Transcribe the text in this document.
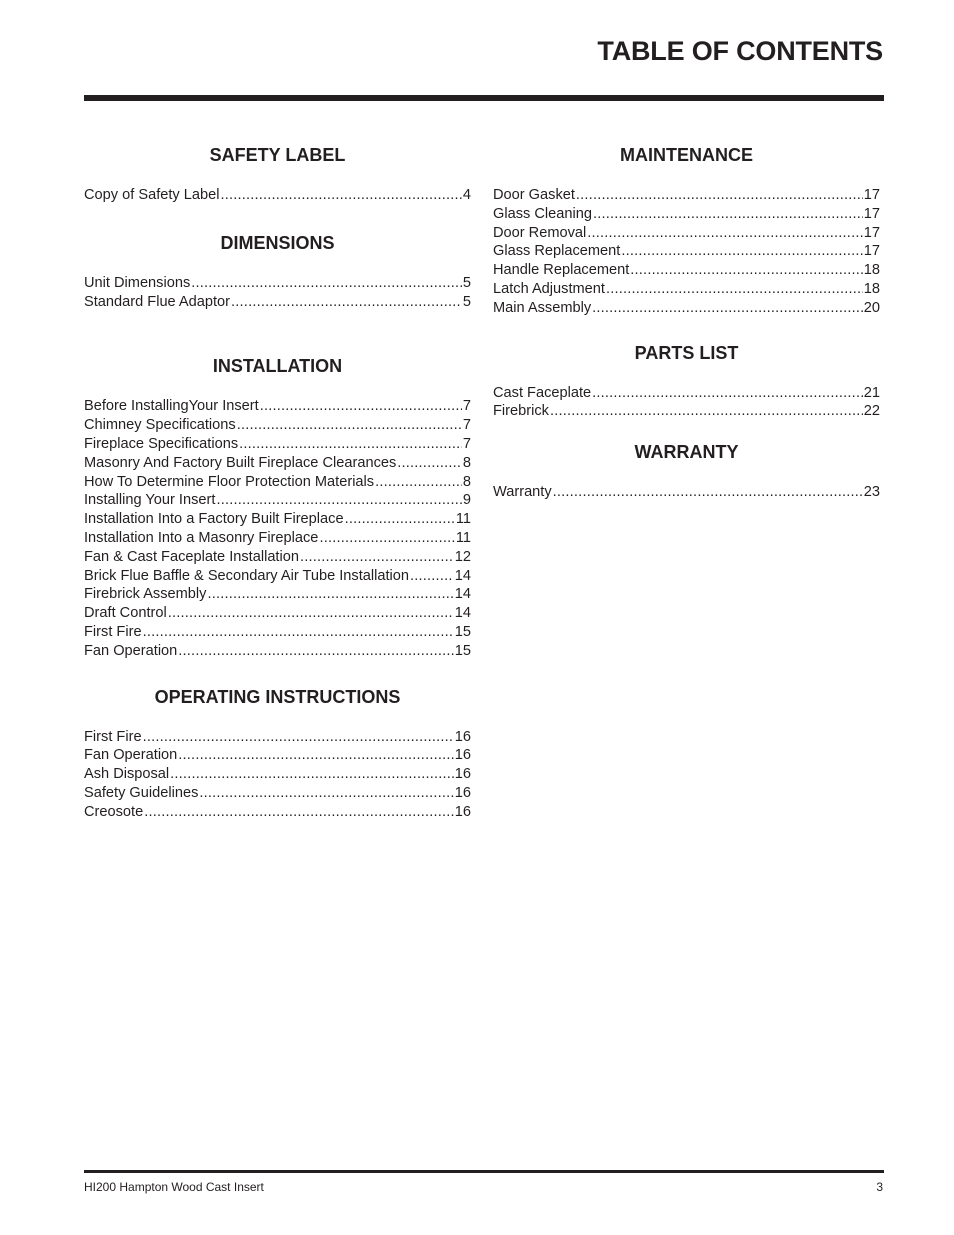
TABLE OF CONTENTS
SAFETY LABEL
Copy of Safety Label .....	4
DIMENSIONS
Unit Dimensions .....	5
Standard Flue Adaptor .....	5
INSTALLATION
Before InstallingYour Insert .....	7
Chimney Specifications .....	7
Fireplace Specifications .....	7
Masonry And Factory Built Fireplace Clearances .....	8
How To Determine Floor Protection Materials .....	8
Installing Your Insert .....	9
Installation Into a Factory Built Fireplace .....	11
Installation Into a Masonry Fireplace .....	11
Fan & Cast Faceplate Installation .....	12
Brick Flue Baffle & Secondary Air Tube Installation .....	14
Firebrick Assembly .....	14
Draft Control .....	14
First Fire .....	15
Fan Operation .....	15
OPERATING INSTRUCTIONS
First Fire .....	16
Fan Operation .....	16
Ash Disposal .....	16
Safety Guidelines .....	16
Creosote .....	16
MAINTENANCE
Door Gasket .....	17
Glass Cleaning .....	17
Door Removal .....	17
Glass Replacement .....	17
Handle Replacement .....	18
Latch Adjustment .....	18
Main Assembly .....	20
PARTS LIST
Cast Faceplate .....	21
Firebrick .....	22
WARRANTY
Warranty .....	23
HI200 Hampton Wood Cast Insert	3
